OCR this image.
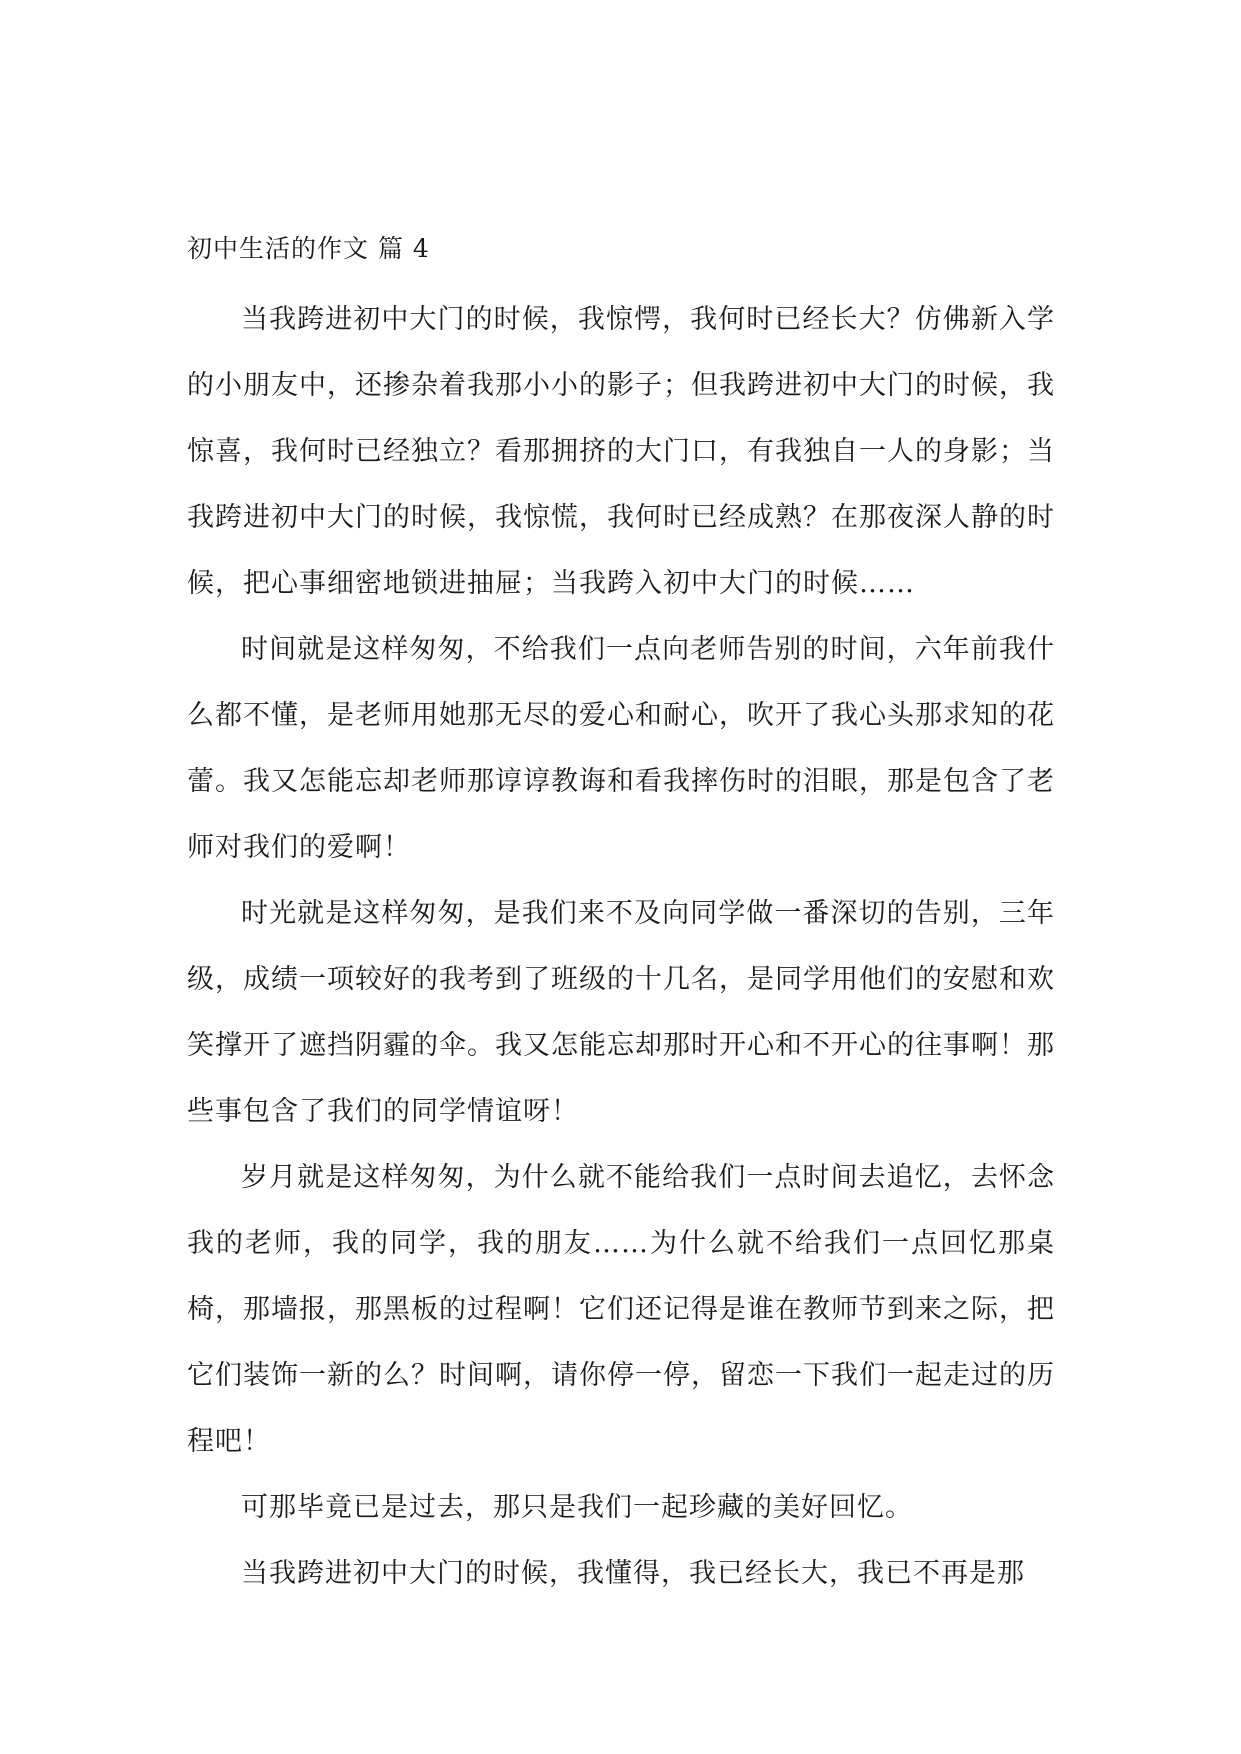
初中生活的作文 篇 4

当我跨进初中大门的时候，我惊愕，我何时已经长大？仿佛新入学的小朋友中，还掺杂着我那小小的影子；但我跨进初中大门的时候，我惊喜，我何时已经独立？看那拥挤的大门口，有我独自一人的身影；当我跨进初中大门的时候，我惊慌，我何时已经成熟？在那夜深人静的时候，把心事细密地锁进抽屉；当我跨入初中大门的时候……

时间就是这样匆匆，不给我们一点向老师告别的时间，六年前我什么都不懂，是老师用她那无尽的爱心和耐心，吹开了我心头那求知的花蕾。我又怎能忘却老师那谆谆教诲和看我摔伤时的泪眼，那是包含了老师对我们的爱啊！

时光就是这样匆匆，是我们来不及向同学做一番深切的告别，三年级，成绩一项较好的我考到了班级的十几名，是同学用他们的安慰和欢笑撑开了遮挡阴霾的伞。我又怎能忘却那时开心和不开心的往事啊！那些事包含了我们的同学情谊呀！

岁月就是这样匆匆，为什么就不能给我们一点时间去追忆，去怀念我的老师，我的同学，我的朋友……为什么就不给我们一点回忆那桌椅，那墙报，那黑板的过程啊！它们还记得是谁在教师节到来之际，把它们装饰一新的么？时间啊，请你停一停，留恋一下我们一起走过的历程吧！

可那毕竟已是过去，那只是我们一起珍藏的美好回忆。

当我跨进初中大门的时候，我懂得，我已经长大，我已不再是那
